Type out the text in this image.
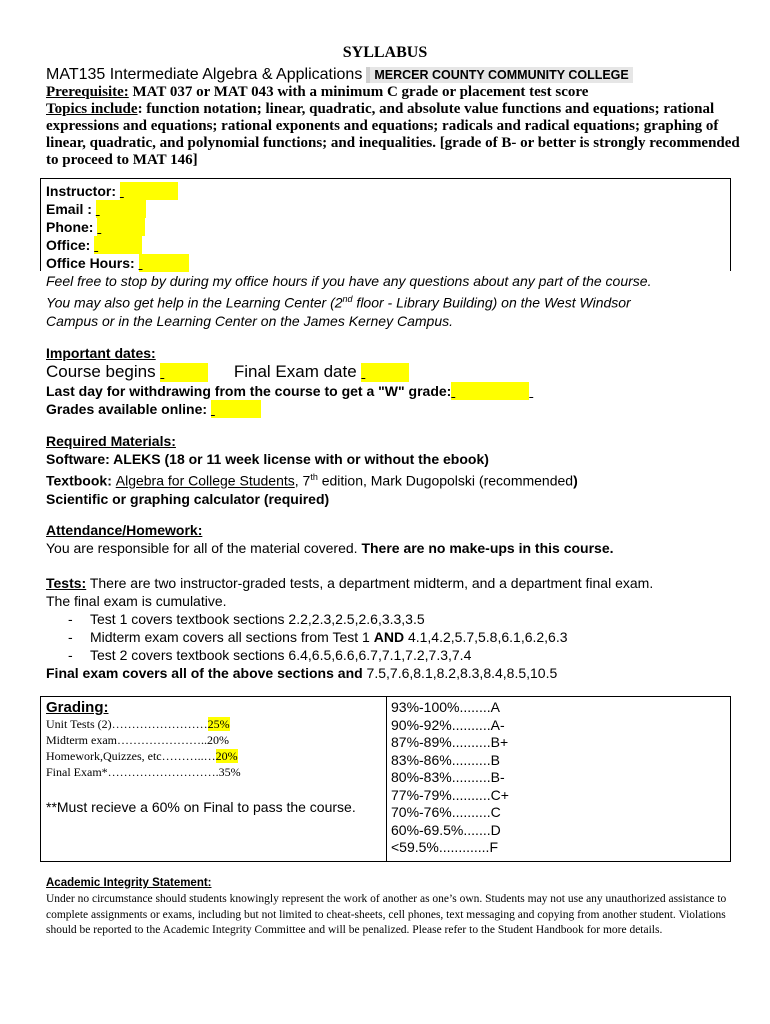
SYLLABUS
MAT135 Intermediate Algebra & Applications MERCER COUNTY COMMUNITY COLLEGE
Prerequisite: MAT 037 or MAT 043 with a minimum C grade or placement test score
Topics include: function notation; linear, quadratic, and absolute value functions and equations; rational expressions and equations; rational exponents and equations; radicals and radical equations; graphing of linear, quadratic, and polynomial functions; and inequalities. [grade of B- or better is strongly recommended to proceed to MAT 146]
Instructor:
Email :
Phone:
Office:
Office Hours:
Feel free to stop by during my office hours if you have any questions about any part of the course.
You may also get help in the Learning Center (2nd floor - Library Building) on the West Windsor
Campus or in the Learning Center on the James Kerney Campus.
Important dates:
Course begins	Final Exam date
Last day for withdrawing from the course to get a "W" grade:
Grades available online:
Required Materials:
Software: ALEKS (18 or 11 week license with or without the ebook)
Textbook: Algebra for College Students, 7th edition, Mark Dugopolski (recommended)
Scientific or graphing calculator (required)
Attendance/Homework:
You are responsible for all of the material covered. There are no make-ups in this course.
Tests: There are two instructor-graded tests, a department midterm, and a department final exam.
The final exam is cumulative.
- Test 1 covers textbook sections 2.2,2.3,2.5,2.6,3.3,3.5
- Midterm exam covers all sections from Test 1 AND 4.1,4.2,5.7,5.8,6.1,6.2,6.3
- Test 2 covers textbook sections 6.4,6.5,6.6,6.7,7.1,7.2,7.3,7.4
Final exam covers all of the above sections and 7.5,7.6,8.1,8.2,8.3,8.4,8.5,10.5
Grading:
Unit Tests (2)……………………25%
Midterm exam…………………..20%
Homework,Quizzes, etc………..…20%
Final Exam*……………………….35%
**Must recieve a 60% on Final to pass the course.
93%-100%........A
90%-92%..........A-
87%-89%..........B+
83%-86%..........B
80%-83%..........B-
77%-79%..........C+
70%-76%..........C
60%-69.5%.......D
<59.5%.............F
Academic Integrity Statement:
Under no circumstance should students knowingly represent the work of another as one’s own. Students may not use any unauthorized assistance to complete assignments or exams, including but not limited to cheat-sheets, cell phones, text messaging and copying from another student. Violations should be reported to the Academic Integrity Committee and will be penalized. Please refer to the Student Handbook for more details.
